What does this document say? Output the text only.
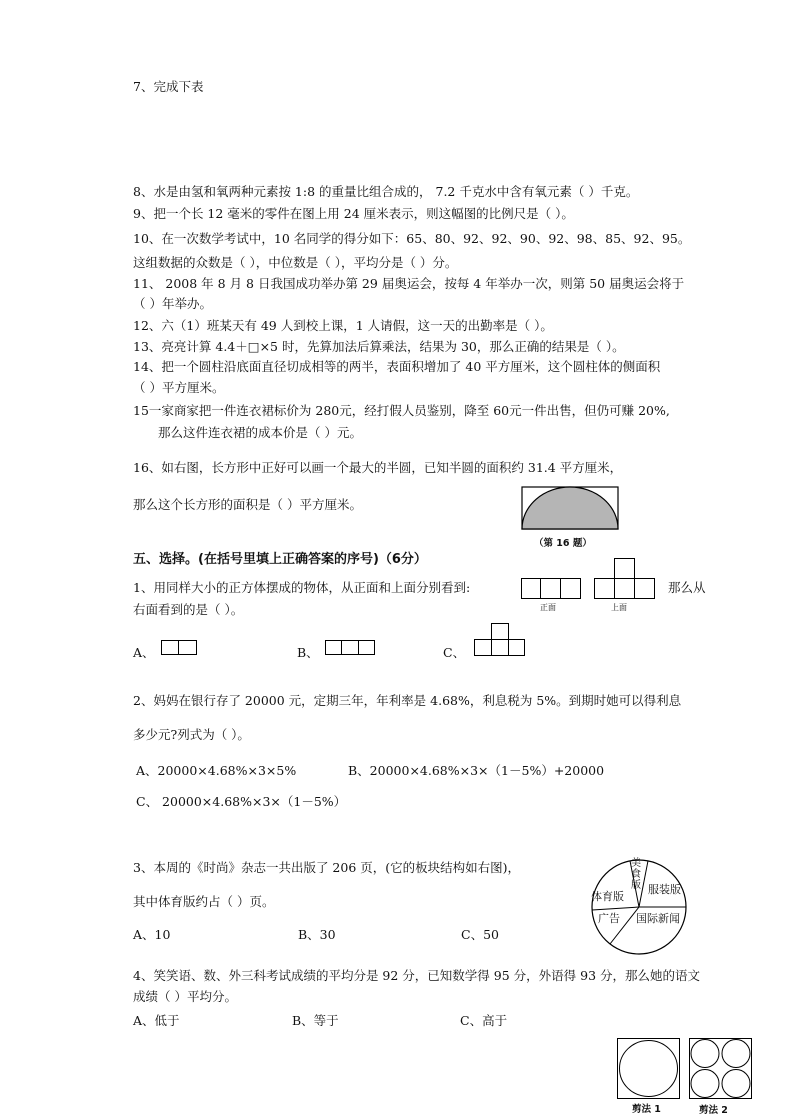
7、完成下表
8、水是由氢和氧两种元素按 1:8 的重量比组合成的， 7.2 千克水中含有氧元素（ ）千克。
9、把一个长 12 毫米的零件在图上用 24 厘米表示，则这幅图的比例尺是（ ）。
10、在一次数学考试中，10 名同学的得分如下：65、80、92、92、90、92、98、85、92、95。
这组数据的众数是（ ），中位数是（ ），平均分是（ ）分。
11、 2008 年 8 月 8 日我国成功举办第 29 届奥运会，按每 4 年举办一次，则第 50 届奥运会将于
（ ）年举办。
12、六（1）班某天有 49 人到校上课，1 人请假，这一天的出勤率是（ ）。
13、亮亮计算 4.4＋□×5 时，先算加法后算乘法，结果为 30，那么正确的结果是（ ）。
14、把一个圆柱沿底面直径切成相等的两半，表面积增加了 40 平方厘米，这个圆柱体的侧面积
（ ）平方厘米。
15一家商家把一件连衣裙标价为 280元，经打假人员鉴别，降至 60元一件出售，但仍可赚 20%,
那么这件连衣裙的成本价是（ ）元。
16、如右图，长方形中正好可以画一个最大的半圆，已知半圆的面积约 31.4 平方厘米，
那么这个长方形的面积是（ ）平方厘米。
（第 16 题）
五、选择。(在括号里填上正确答案的序号)（6分）
1、用同样大小的正方体摆成的物体，从正面和上面分别看到:	那么从
右面看到的是（ ）。	正面	上面
A、	B、	C、
2、妈妈在银行存了 20000 元，定期三年，年利率是 4.68%，利息税为 5%。到期时她可以得利息
多少元?列式为（ ）。
A、20000×4.68%×3×5%	B、20000×4.68%×3×（1－5%）+20000
C、 20000×4.68%×3×（1－5%）
3、本周的《时尚》杂志一共出版了 206 页，(它的板块结构如右图)，
其中体育版约占（ ）页。
A、10	B、30	C、50
美食版
体育版
服装版
广告 国际新闻
4、笑笑语、数、外三科考试成绩的平均分是 92 分，已知数学得 95 分，外语得 93 分，那么她的语文
成绩（ ）平均分。
A、低于	B、等于	C、高于
剪法 1	剪法 2
